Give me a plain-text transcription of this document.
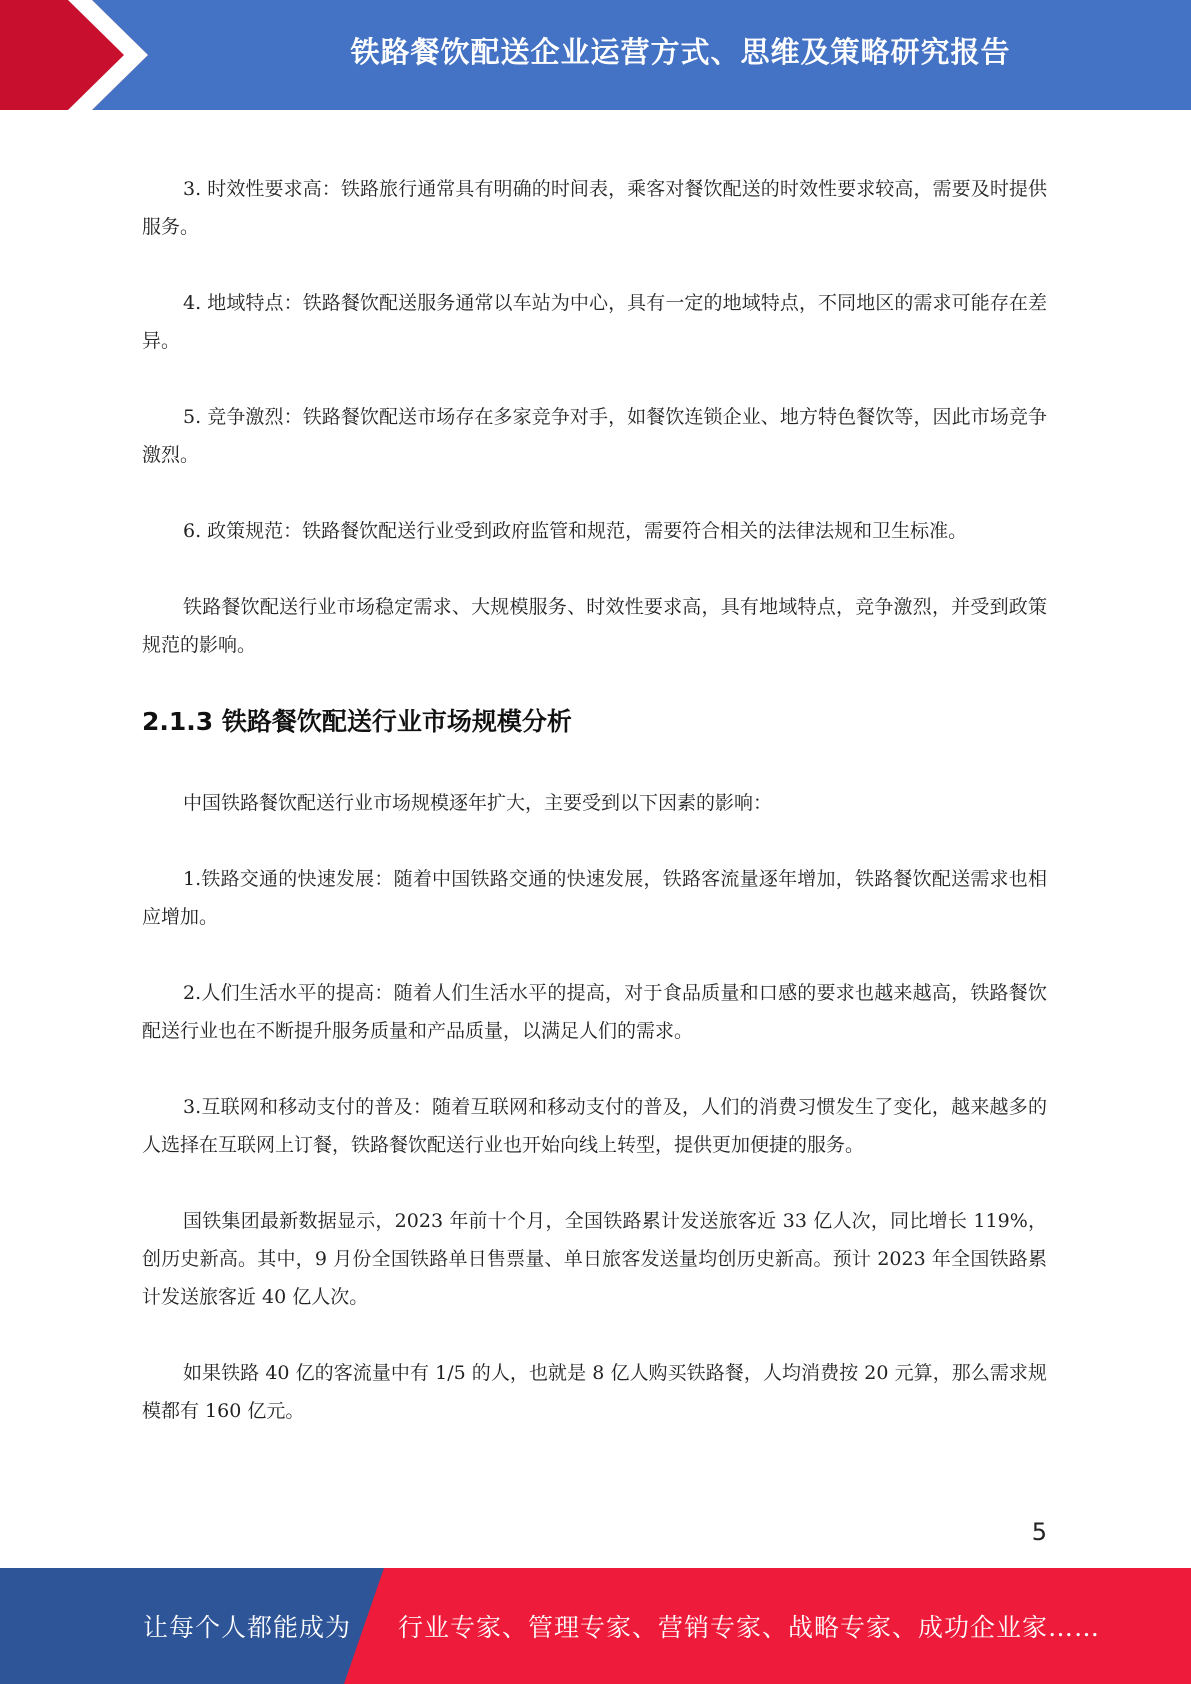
铁路餐饮配送企业运营方式、思维及策略研究报告

3. 时效性要求高：铁路旅行通常具有明确的时间表，乘客对餐饮配送的时效性要求较高，需要及时提供服务。

4. 地域特点：铁路餐饮配送服务通常以车站为中心，具有一定的地域特点，不同地区的需求可能存在差异。

5. 竞争激烈：铁路餐饮配送市场存在多家竞争对手，如餐饮连锁企业、地方特色餐饮等，因此市场竞争激烈。

6. 政策规范：铁路餐饮配送行业受到政府监管和规范，需要符合相关的法律法规和卫生标准。

铁路餐饮配送行业市场稳定需求、大规模服务、时效性要求高，具有地域特点，竞争激烈，并受到政策规范的影响。

2.1.3 铁路餐饮配送行业市场规模分析

中国铁路餐饮配送行业市场规模逐年扩大，主要受到以下因素的影响：

1.铁路交通的快速发展：随着中国铁路交通的快速发展，铁路客流量逐年增加，铁路餐饮配送需求也相应增加。

2.人们生活水平的提高：随着人们生活水平的提高，对于食品质量和口感的要求也越来越高，铁路餐饮配送行业也在不断提升服务质量和产品质量，以满足人们的需求。

3.互联网和移动支付的普及：随着互联网和移动支付的普及，人们的消费习惯发生了变化，越来越多的人选择在互联网上订餐，铁路餐饮配送行业也开始向线上转型，提供更加便捷的服务。

国铁集团最新数据显示，2023 年前十个月，全国铁路累计发送旅客近 33 亿人次，同比增长 119%，创历史新高。其中，9 月份全国铁路单日售票量、单日旅客发送量均创历史新高。预计 2023 年全国铁路累计发送旅客近 40 亿人次。

如果铁路 40 亿的客流量中有 1/5 的人，也就是 8 亿人购买铁路餐，人均消费按 20 元算，那么需求规模都有 160 亿元。

5
让每个人都能成为 行业专家、管理专家、营销专家、战略专家、成功企业家……
